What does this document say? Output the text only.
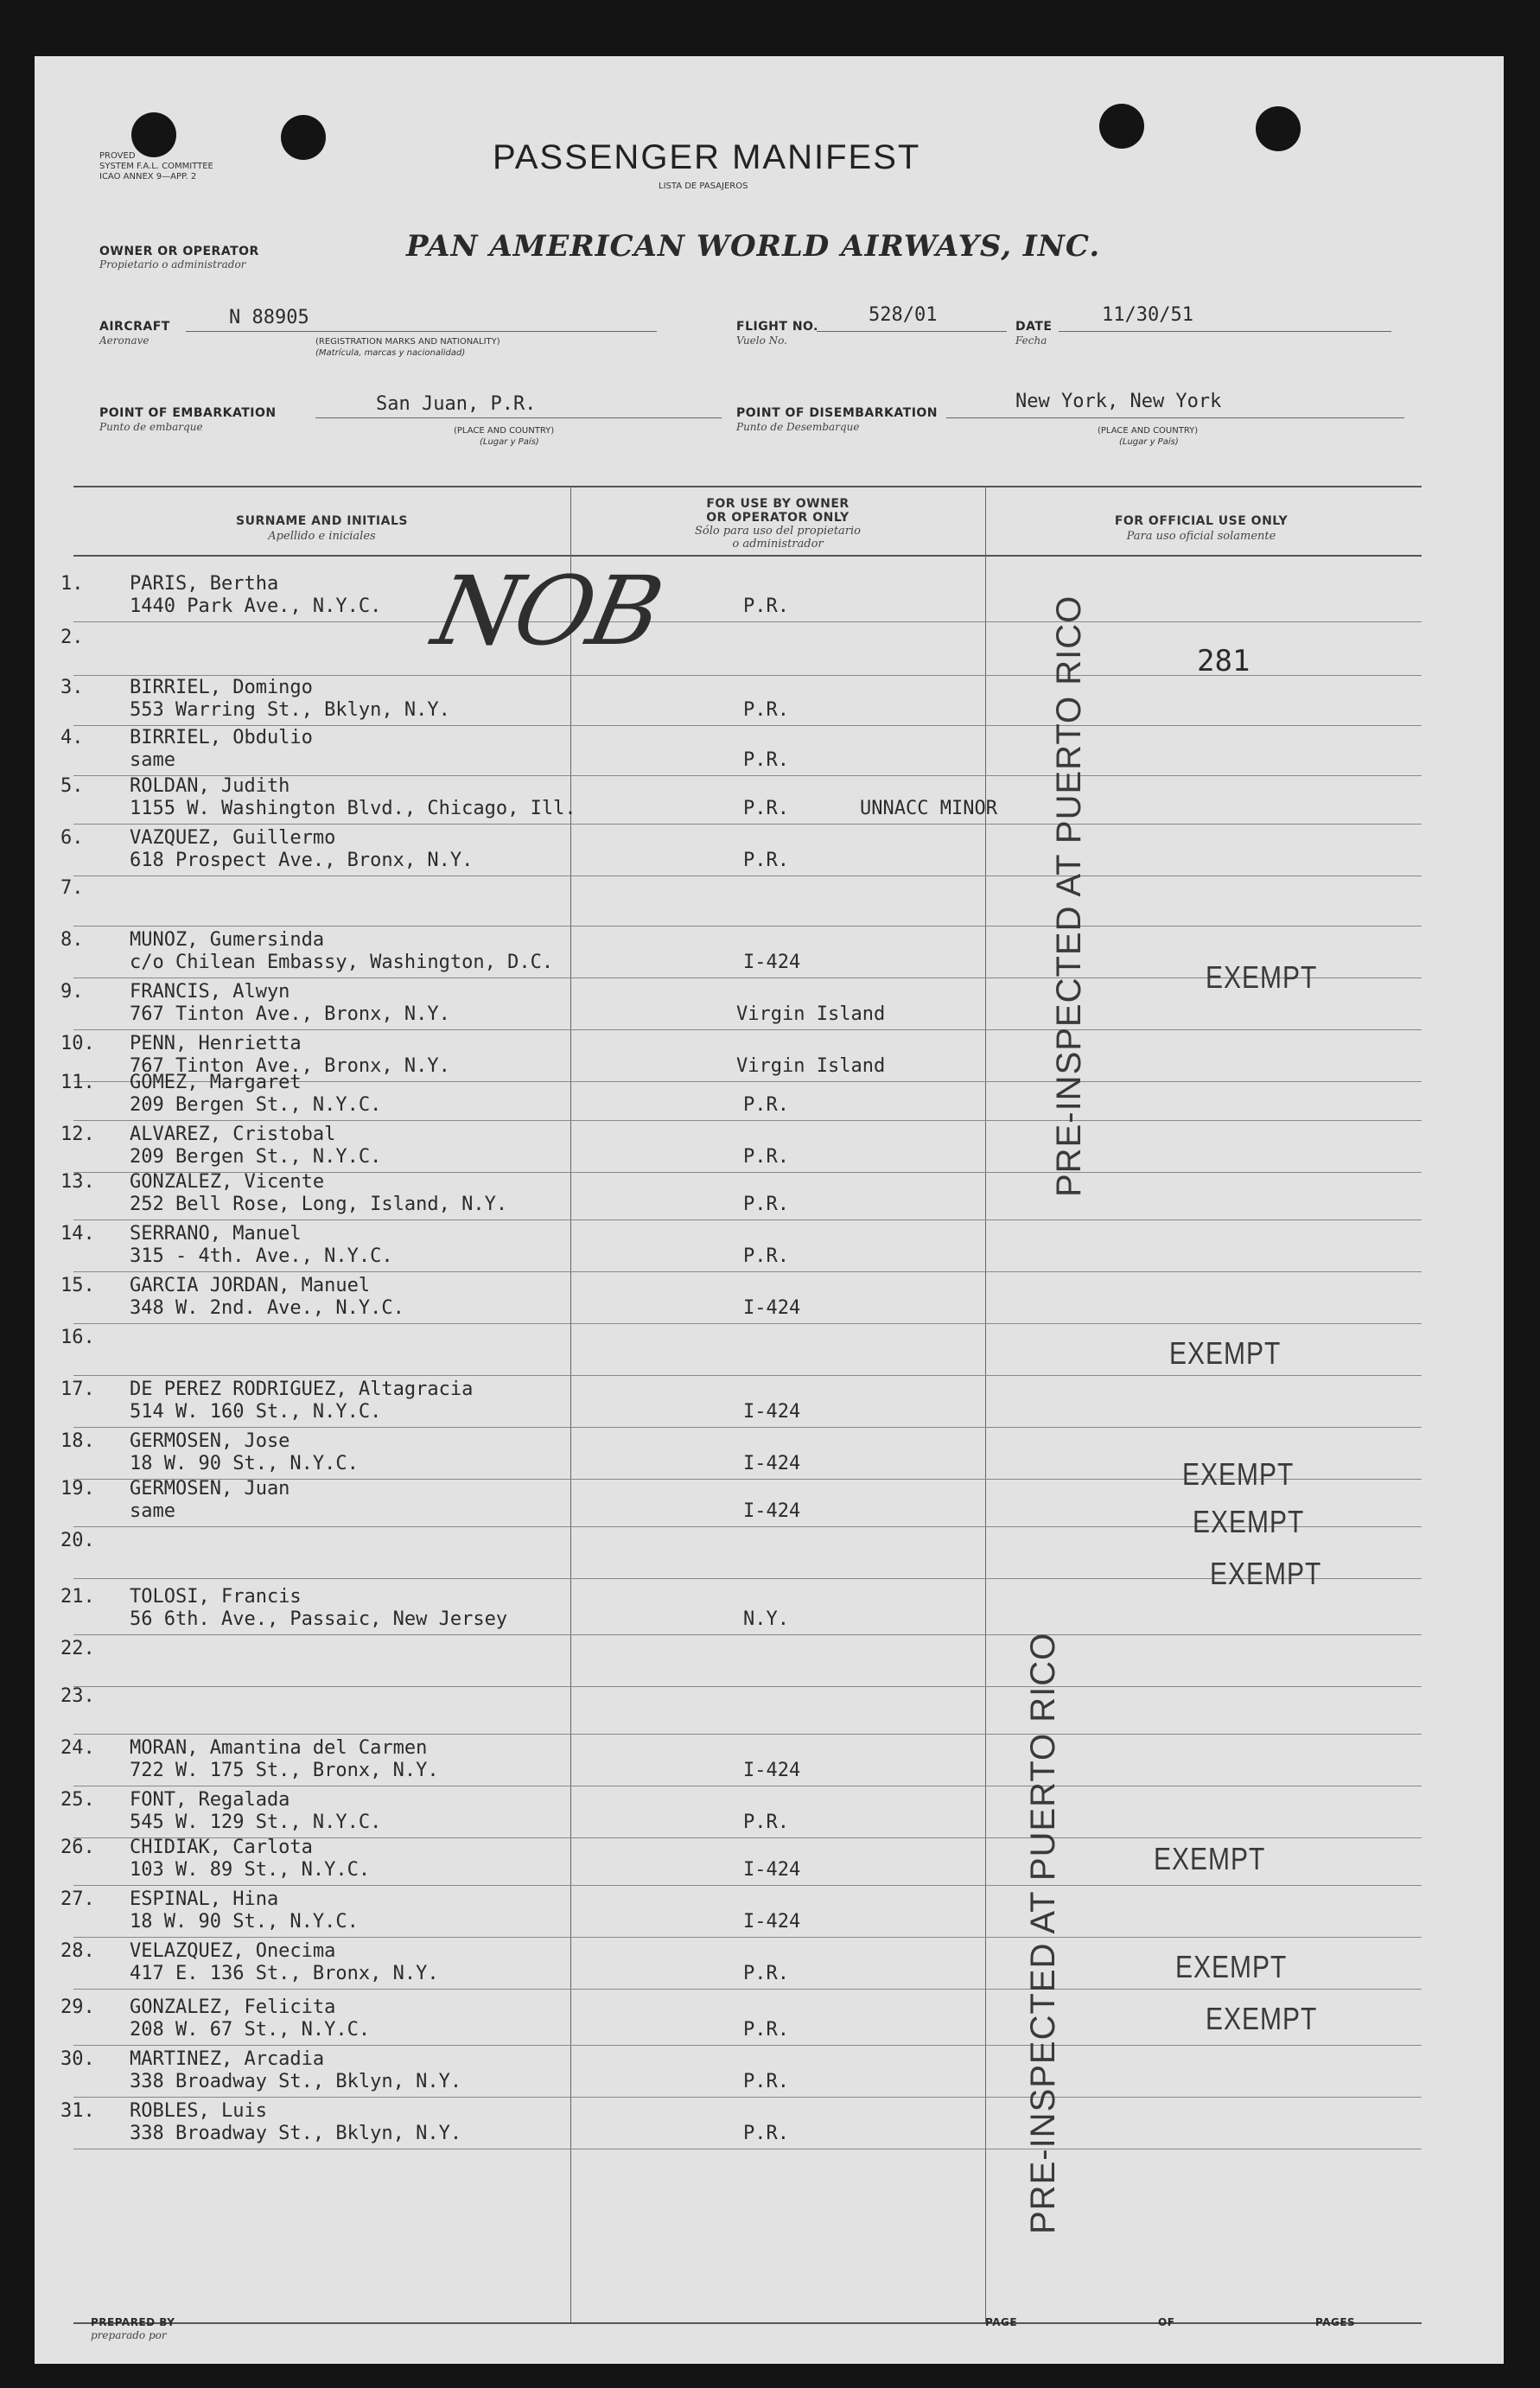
PROVED
SYSTEM F.A.L. COMMITTEE
ICAO ANNEX 9—APP. 2
PASSENGER MANIFEST
LISTA DE PASAJEROS
OWNER OR OPERATOR
Propietario o administrador
PAN AMERICAN WORLD AIRWAYS, INC.
AIRCRAFT
Aeronave
N 88905
(REGISTRATION MARKS AND NATIONALITY)
(Matrícula, marcas y nacionalidad)
FLIGHT NO.
Vuelo No.
528/01
DATE
Fecha
11/30/51
POINT OF EMBARKATION
Punto de embarque
San Juan, P.R.
(PLACE AND COUNTRY)
(Lugar y País)
POINT OF DISEMBARKATION
Punto de Desembarque
New York, New York
(PLACE AND COUNTRY)
(Lugar y País)
SURNAME AND INITIALS
Apellido e iniciales
FOR USE BY OWNER
OR OPERATOR ONLY
Sólo para uso del propietario
o administrador
FOR OFFICIAL USE ONLY
Para uso oficial solamente
1. PARIS, Bertha
1440 Park Ave., N.Y.C.	P.R.
2.
3. BIRRIEL, Domingo
553 Warring St., Bklyn, N.Y.	P.R.
4. BIRRIEL, Obdulio
same	P.R.
5. ROLDAN, Judith
1155 W. Washington Blvd., Chicago, Ill.	P.R.	UNNACC MINOR
6. VAZQUEZ, Guillermo
618 Prospect Ave., Bronx, N.Y.	P.R.
7.
8. MUNOZ, Gumersinda
c/o Chilean Embassy, Washington, D.C.	I-424
9. FRANCIS, Alwyn
767 Tinton Ave., Bronx, N.Y.	Virgin Island
10. PENN, Henrietta
767 Tinton Ave., Bronx, N.Y.	Virgin Island
11. GOMEZ, Margaret
209 Bergen St., N.Y.C.	P.R.
12. ALVAREZ, Cristobal
209 Bergen St., N.Y.C.	P.R.
13. GONZALEZ, Vicente
252 Bell Rose, Long, Island, N.Y.	P.R.
14. SERRANO, Manuel
315 - 4th. Ave., N.Y.C.	P.R.
15. GARCIA JORDAN, Manuel
348 W. 2nd. Ave., N.Y.C.	I-424
16.
17. DE PEREZ RODRIGUEZ, Altagracia
514 W. 160 St., N.Y.C.	I-424
18. GERMOSEN, Jose
18 W. 90 St., N.Y.C.	I-424
19. GERMOSEN, Juan
same	I-424
20.
21. TOLOSI, Francis
56 6th. Ave., Passaic, New Jersey	N.Y.
22.
23.
24. MORAN, Amantina del Carmen
722 W. 175 St., Bronx, N.Y.	I-424
25. FONT, Regalada
545 W. 129 St., N.Y.C.	P.R.
26. CHIDIAK, Carlota
103 W. 89 St., N.Y.C.	I-424
27. ESPINAL, Hina
18 W. 90 St., N.Y.C.	I-424
28. VELAZQUEZ, Onecima
417 E. 136 St., Bronx, N.Y.	P.R.
29. GONZALEZ, Felicita
208 W. 67 St., N.Y.C.	P.R.
30. MARTINEZ, Arcadia
338 Broadway St., Bklyn, N.Y.	P.R.
31. ROBLES, Luis
338 Broadway St., Bklyn, N.Y.	P.R.
NOB	281
PRE-INSPECTED AT PUERTO RICO
PRE-INSPECTED AT PUERTO RICO
EXEMPT
EXEMPT
EXEMPT
EXEMPT
EXEMPT
EXEMPT
EXEMPT
EXEMPT
PREPARED BY
preparado por
PAGE	OF	PAGES
